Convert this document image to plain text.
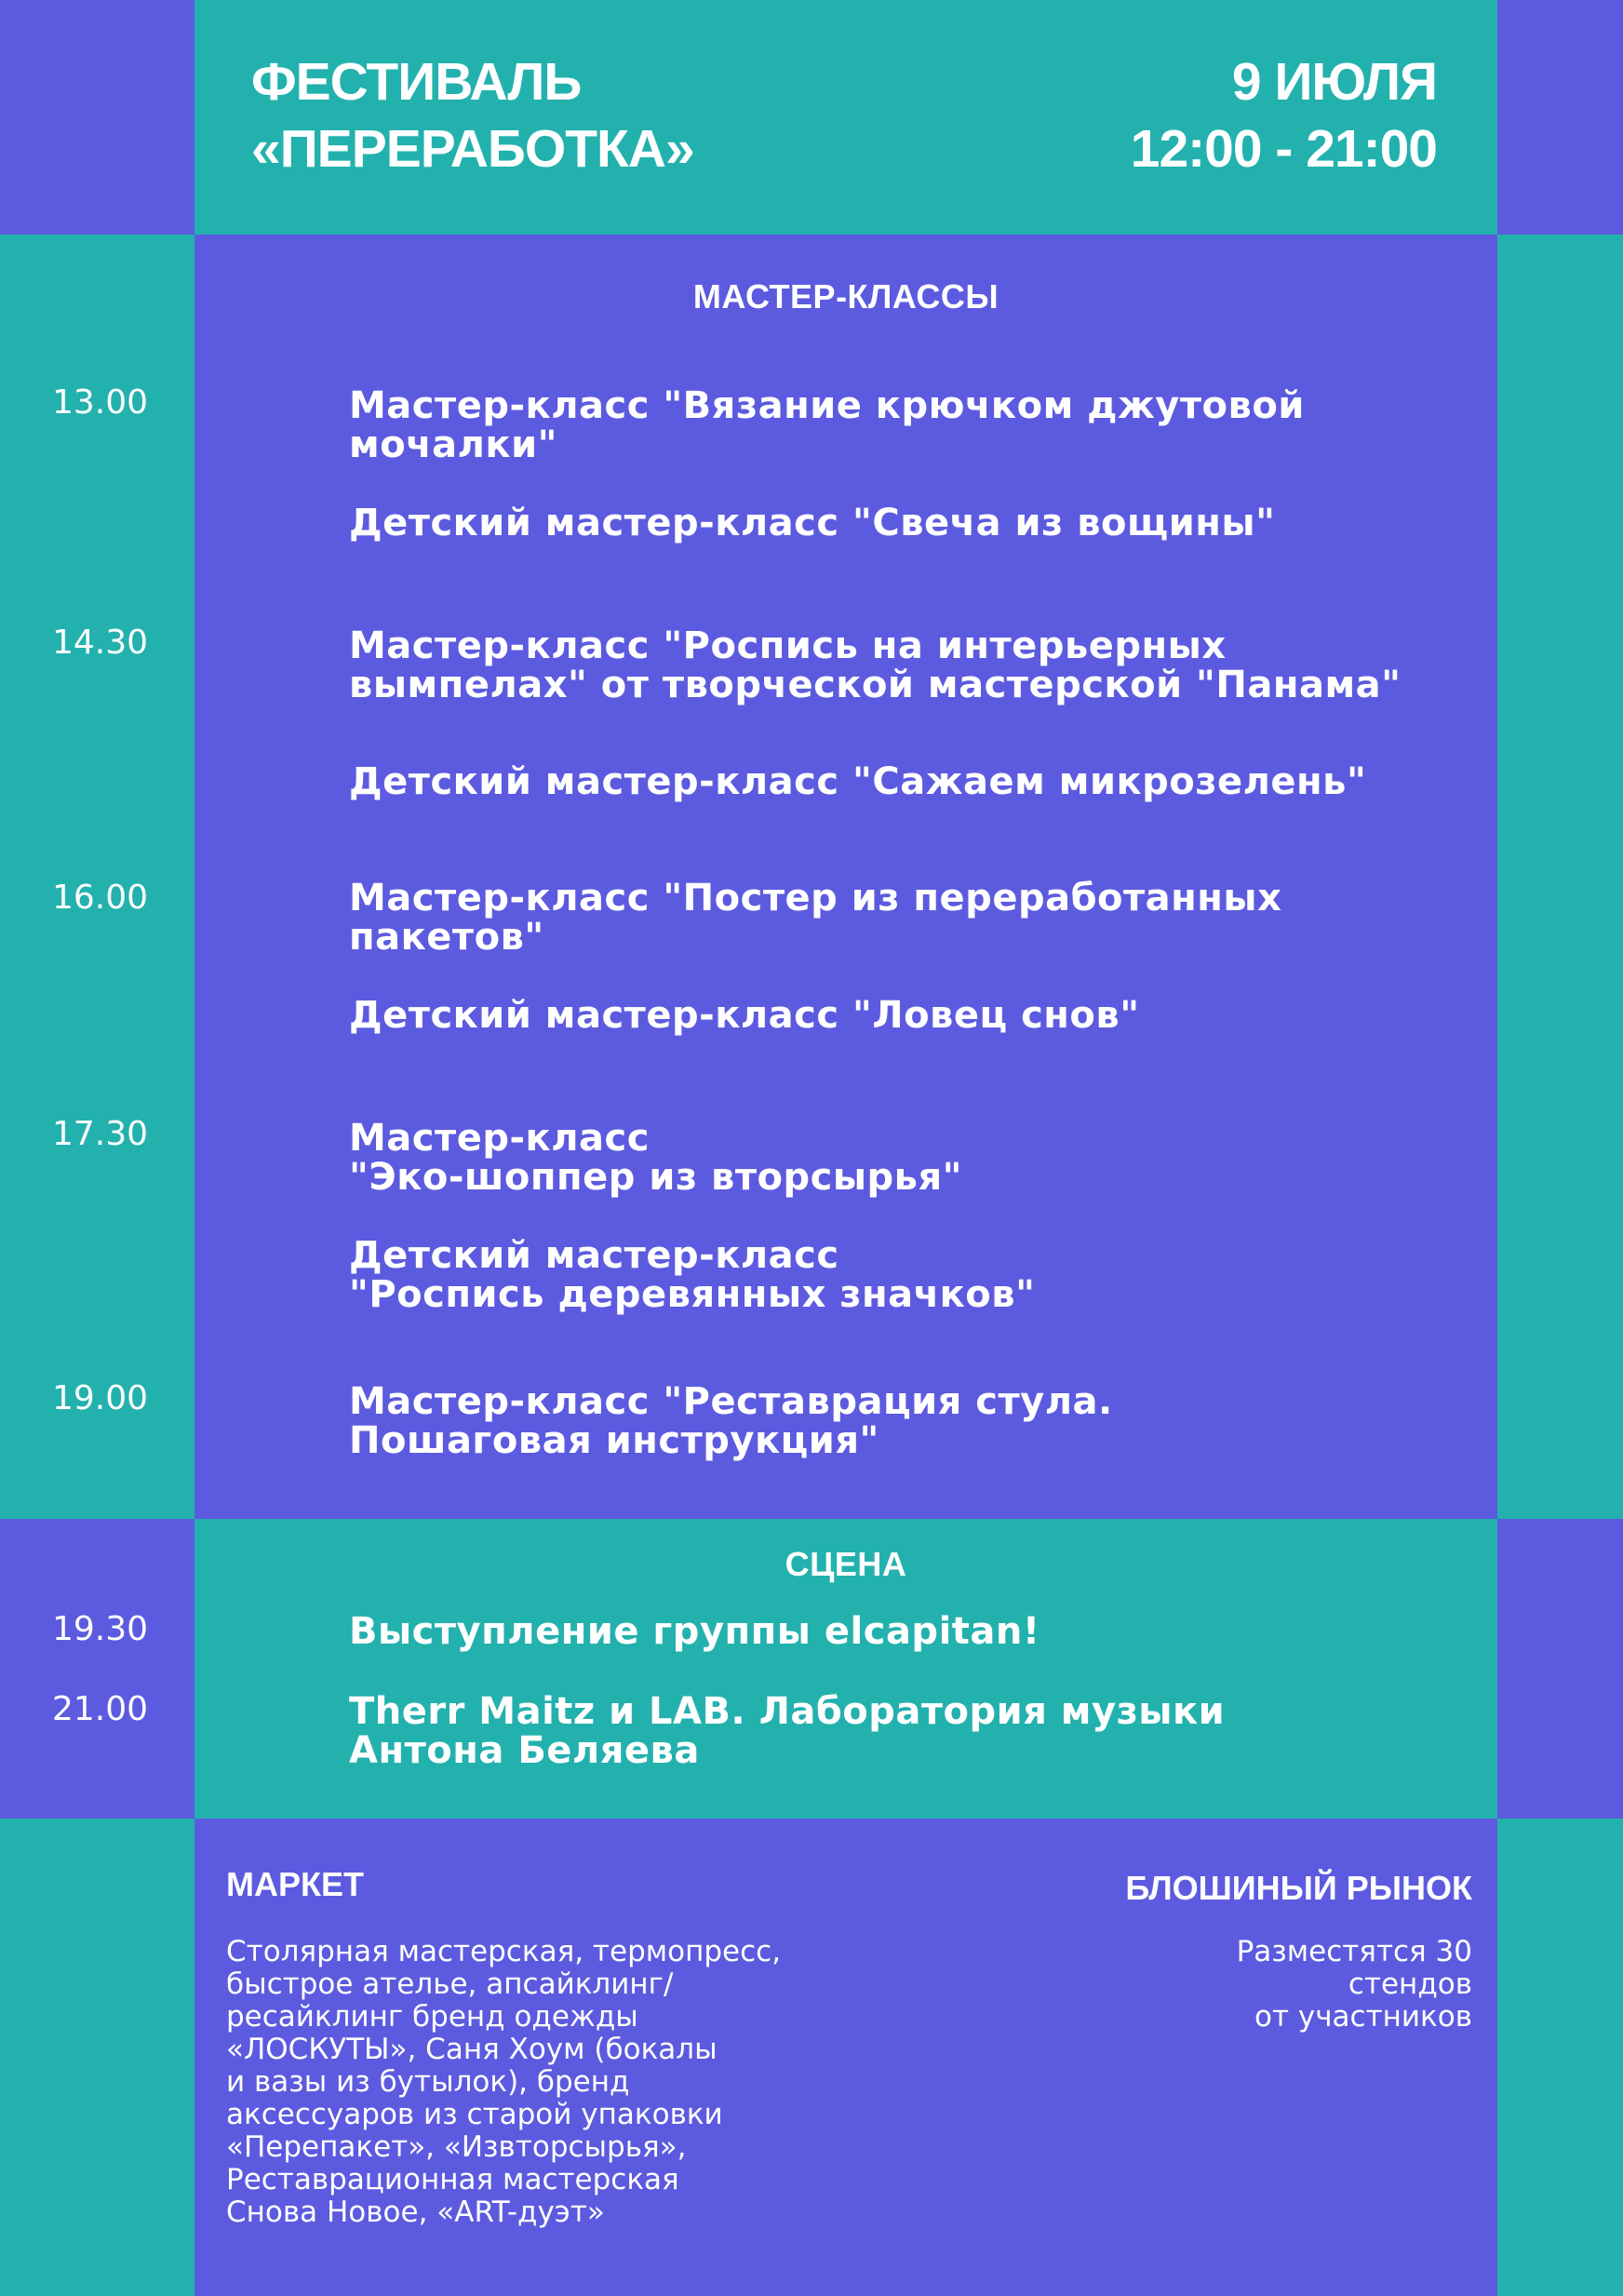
ФЕСТИВАЛЬ
«ПЕРЕРАБОТКА»
9 ИЮЛЯ
12:00 - 21:00
МАСТЕР-КЛАССЫ
13.00
14.30
16.00
17.30
19.00
Мастер-класс "Вязание крючком джутовой
мочалки"
Детский мастер-класс "Свеча из вощины"
Мастер-класс "Роспись на интерьерных
вымпелах" от творческой мастерской "Панама"
Детский мастер-класс "Сажаем микрозелень"
Мастер-класс "Постер из переработанных
пакетов"
Детский мастер-класс "Ловец снов"
Мастер-класс
"Эко-шоппер из вторсырья"
Детский мастер-класс
"Роспись деревянных значков"
Мастер-класс "Реставрация стула.
Пошаговая инструкция"
СЦЕНА
19.30
21.00
Выступление группы elcapitan!
Therr Maitz и LAB. Лаборатория музыки
Антона Беляева
МАРКЕТ
Столярная мастерская, термопресс,
быстрое ателье, апсайклинг/
ресайклинг бренд одежды
«ЛОСКУТЫ», Саня Хоум (бокалы
и вазы из бутылок), бренд
аксессуаров из старой упаковки
«Перепакет», «Извторсырья»,
Реставрационная мастерская
Снова Новое, «ART-дуэт»
БЛОШИНЫЙ РЫНОК
Разместятся 30
стендов
от участников
